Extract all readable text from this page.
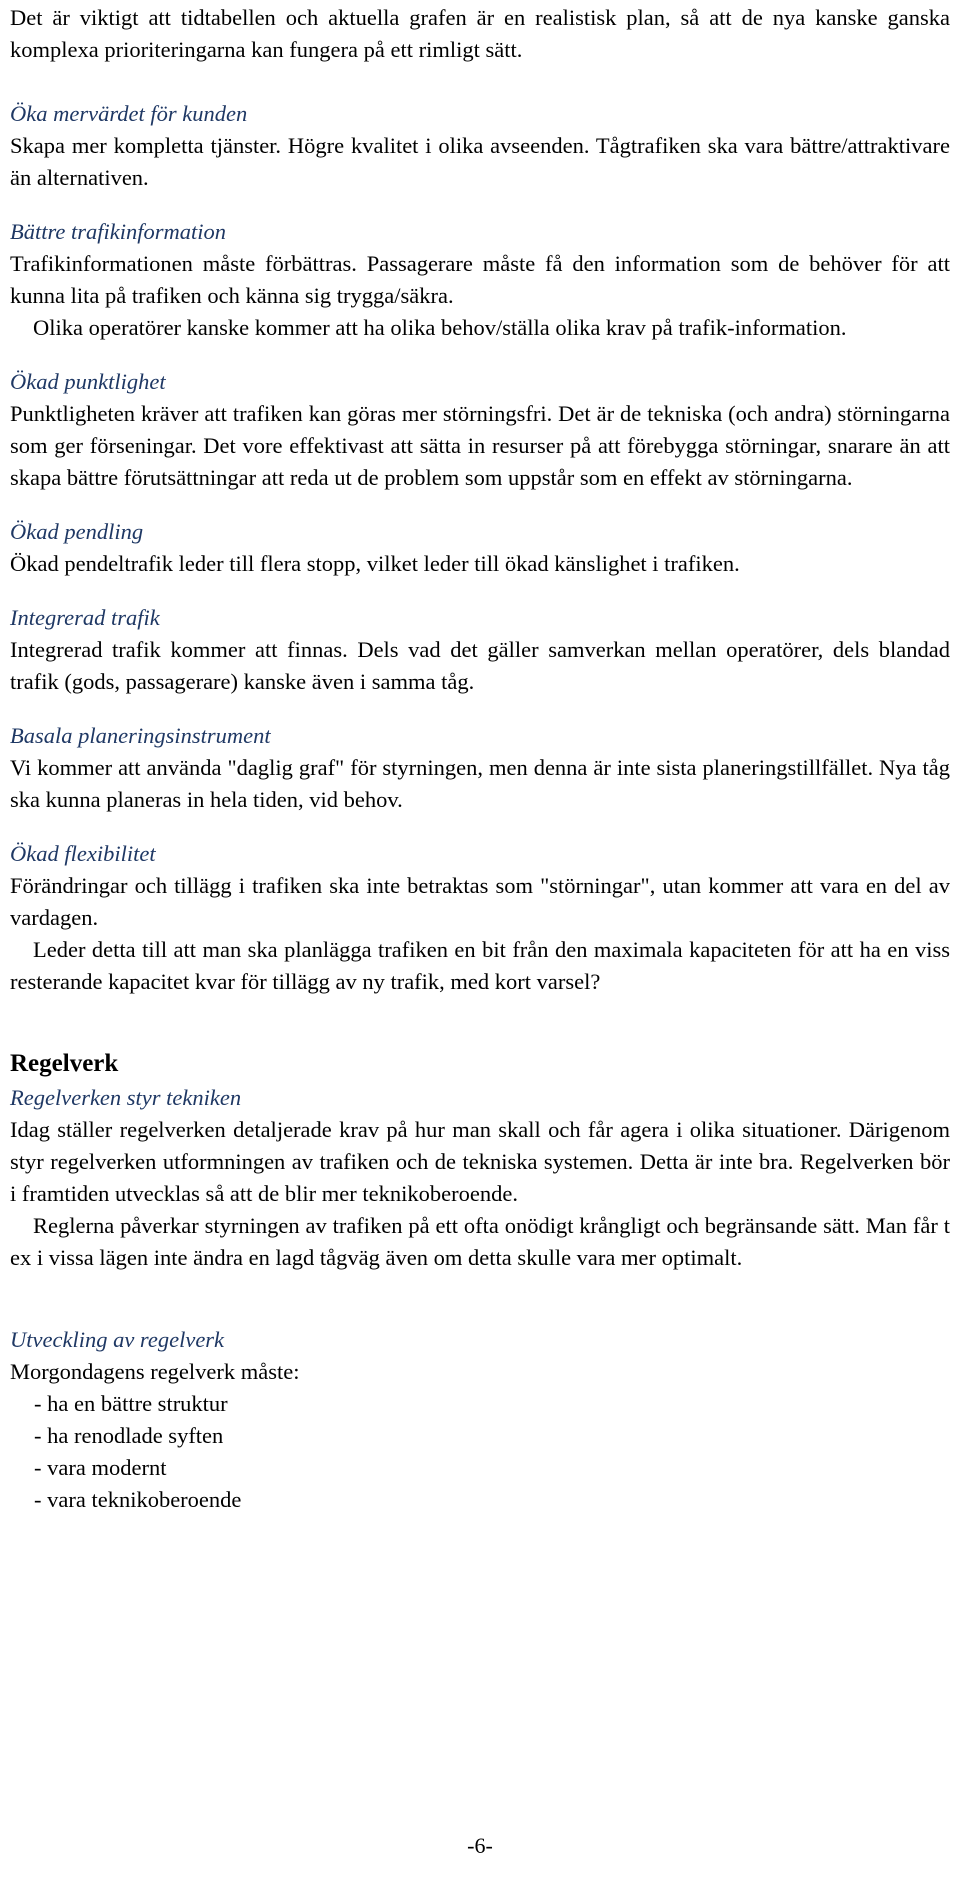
Det är viktigt att tidtabellen och aktuella grafen är en realistisk plan, så att de nya kanske ganska komplexa prioriteringarna kan fungera på ett rimligt sätt.

Öka mervärdet för kunden

Skapa mer kompletta tjänster. Högre kvalitet i olika avseenden. Tågtrafiken ska vara bättre/attraktivare än alternativen.

Bättre trafikinformation

Trafikinformationen måste förbättras. Passagerare måste få den information som de behöver för att kunna lita på trafiken och känna sig trygga/säkra.

Olika operatörer kanske kommer att ha olika behov/ställa olika krav på trafik-information.

Ökad punktlighet

Punktligheten kräver att trafiken kan göras mer störningsfri. Det är de tekniska (och andra) störningarna som ger förseningar. Det vore effektivast att sätta in resurser på att förebygga störningar, snarare än att skapa bättre förutsättningar att reda ut de problem som uppstår som en effekt av störningarna.

Ökad pendling

Ökad pendeltrafik leder till flera stopp, vilket leder till ökad känslighet i trafiken.

Integrerad trafik

Integrerad trafik kommer att finnas. Dels vad det gäller samverkan mellan operatörer, dels blandad trafik (gods, passagerare) kanske även i samma tåg.

Basala planeringsinstrument

Vi kommer att använda "daglig graf" för styrningen, men denna är inte sista planeringstillfället. Nya tåg ska kunna planeras in hela tiden, vid behov.

Ökad flexibilitet

Förändringar och tillägg i trafiken ska inte betraktas som "störningar", utan kommer att vara en del av vardagen.

Leder detta till att man ska planlägga trafiken en bit från den maximala kapaciteten för att ha en viss resterande kapacitet kvar för tillägg av ny trafik, med kort varsel?

Regelverk

Regelverken styr tekniken

Idag ställer regelverken detaljerade krav på hur man skall och får agera i olika situationer. Därigenom styr regelverken utformningen av trafiken och de tekniska systemen. Detta är inte bra. Regelverken bör i framtiden utvecklas så att de blir mer teknikoberoende.

Reglerna påverkar styrningen av trafiken på ett ofta onödigt krångligt och begränsande sätt. Man får t ex i vissa lägen inte ändra en lagd tågväg även om detta skulle vara mer optimalt.

Utveckling av regelverk

Morgondagens regelverk måste:

- ha en bättre struktur

- ha renodlade syften

- vara modernt

- vara teknikoberoende

-6-
